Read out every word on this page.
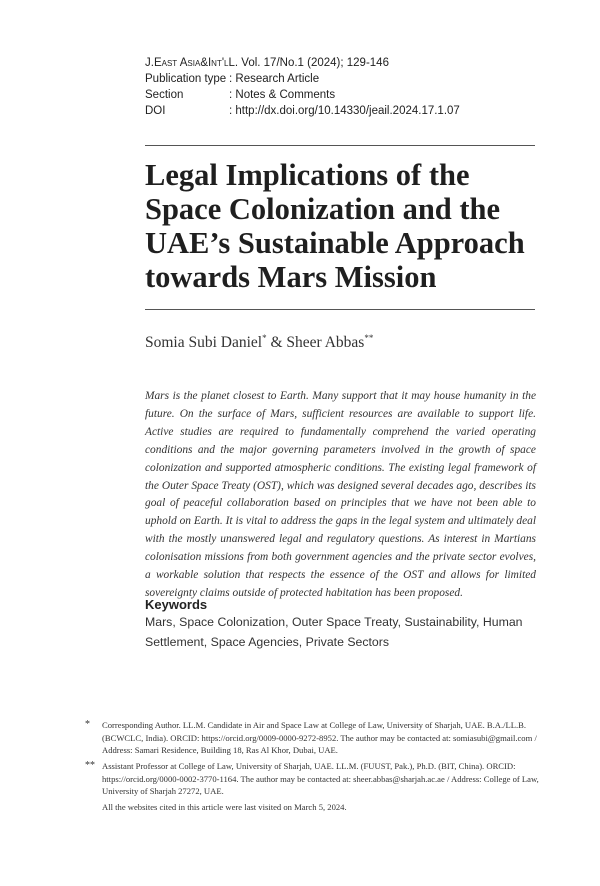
J. East Asia & Int'l L. Vol. 17/No.1 (2024); 129-146
Publication type : Research Article
Section	: Notes & Comments
DOI	: http://dx.doi.org/10.14330/jeail.2024.17.1.07
Legal Implications of the
Space Colonization and the
UAE’s Sustainable Approach
towards Mars Mission
Somia Subi Daniel* & Sheer Abbas**

Mars is the planet closest to Earth. Many support that it may house humanity in the future. On the surface of Mars, sufficient resources are available to support life. Active studies are required to fundamentally comprehend the varied operating conditions and the major governing parameters involved in the growth of space colonization and supported atmospheric conditions. The existing legal framework of the Outer Space Treaty (OST), which was designed several decades ago, describes its goal of peaceful collaboration based on principles that we have not been able to uphold on Earth. It is vital to address the gaps in the legal system and ultimately deal with the mostly unanswered legal and regulatory questions. As interest in Martians colonisation missions from both government agencies and the private sector evolves, a workable solution that respects the essence of the OST and allows for limited sovereignty claims outside of protected habitation has been proposed.

Keywords

Mars, Space Colonization, Outer Space Treaty, Sustainability, Human Settlement, Space Agencies, Private Sectors

* Corresponding Author. LL.M. Candidate in Air and Space Law at College of Law, University of Sharjah, UAE. B.A./LL.B. (BCWCLC, India). ORCID: https://orcid.org/0009-0000-9272-8952. The author may be contacted at: somiasubi@gmail.com / Address: Samari Residence, Building 18, Ras Al Khor, Dubai, UAE.
** Assistant Professor at College of Law, University of Sharjah, UAE. LL.M. (FUUST, Pak.), Ph.D. (BIT, China). ORCID: https://orcid.org/0000-0002-3770-1164. The author may be contacted at: sheer.abbas@sharjah.ac.ae / Address: College of Law, University of Sharjah 27272, UAE.
All the websites cited in this article were last visited on March 5, 2024.
